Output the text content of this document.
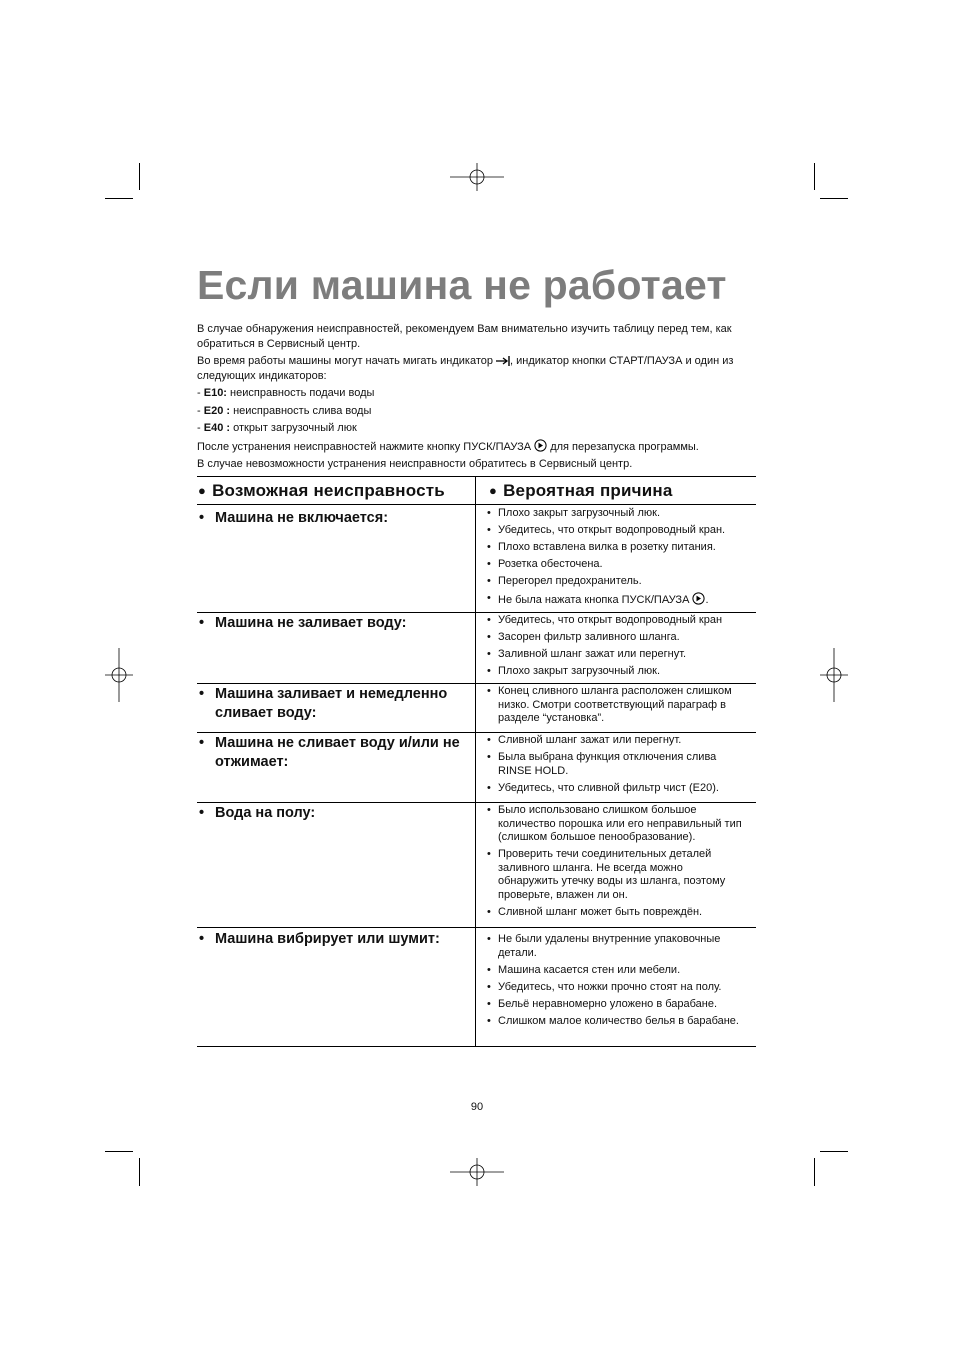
Если машина не работает

В случае обнаружения неисправностей, рекомендуем Вам внимательно изучить таблицу перед тем, как обратиться в Сервисный центр.

Во время работы машины могут начать мигать индикатор , индикатор кнопки СТАРТ/ПАУЗА и один из следующих индикаторов:

- E10: неисправность подачи воды

- E20 : неисправность слива воды

- E40 : открыт загрузочный люк

После устранения неисправностей нажмите кнопку ПУСК/ПАУЗА  для перезапуска программы.

В случае невозможности устранения неисправности обратитесь в Сервисный центр.

● Возможная неисправность	● Вероятная причина
• Машина не включается:	• Плохо закрыт загрузочный люк.
• Убедитесь, что открыт водопроводный кран.
• Плохо вставлена вилка в розетку питания.
• Розетка обесточена.
• Перегорел предохранитель.
• Не была нажата кнопка ПУСК/ПАУЗА .
• Машина не заливает воду:	• Убедитесь, что открыт водопроводный кран
• Засорен фильтр заливного шланга.
• Заливной шланг зажат или перегнут.
• Плохо закрыт загрузочный люк.
• Машина заливает и немедленно сливает воду:
• Конец сливного шланга расположен слишком
низко. Смотри соответствующий параграф в
разделе “установка”.
• Машина не сливает воду и/или не отжимает:
• Сливной шланг зажат или перегнут.
• Была выбрана функция отключения слива
RINSE HOLD.
• Убедитесь, что сливной фильтр чист (E20).
• Вода на полу:	• Было использовано слишком большое
количество порошка или его неправильный тип
(слишком большое пенообразование).
• Проверить течи соединительных деталей
заливного шланга. Не всегда можно
обнаружить утечку воды из шланга, поэтому
проверьте, влажен ли он.
• Сливной шланг может быть повреждён.
• Машина вибрирует или шумит:	• Не были удалены внутренние упаковочные
детали.
• Машина касается стен или мебели.
• Убедитесь, что ножки прочно стоят на полу.
• Бельё неравномерно уложено в барабане.
• Слишком малое количество белья в барабане.
90
